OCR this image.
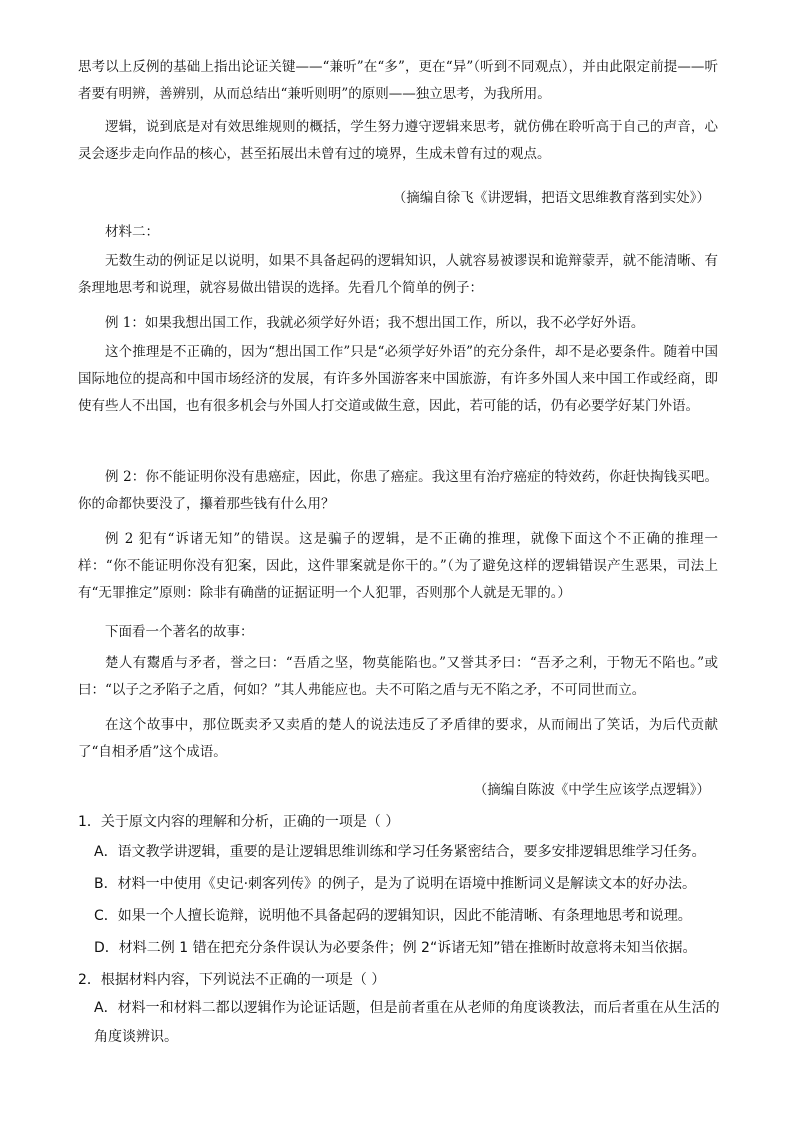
思考以上反例的基础上指出论证关键——“兼听”在“多”，更在“异”（听到不同观点），并由此限定前提——听者要有明辨，善辨别，从而总结出“兼听则明”的原则——独立思考，为我所用。

逻辑，说到底是对有效思维规则的概括，学生努力遵守逻辑来思考，就仿佛在聆听高于自己的声音，心灵会逐步走向作品的核心，甚至拓展出未曾有过的境界，生成未曾有过的观点。

（摘编自徐飞《讲逻辑，把语文思维教育落到实处》）

材料二：

无数生动的例证足以说明，如果不具备起码的逻辑知识，人就容易被谬误和诡辩蒙弄，就不能清晰、有条理地思考和说理，就容易做出错误的选择。先看几个简单的例子：

例 1：如果我想出国工作，我就必须学好外语；我不想出国工作，所以，我不必学好外语。

这个推理是不正确的，因为“想出国工作”只是“必须学好外语”的充分条件，却不是必要条件。随着中国国际地位的提高和中国市场经济的发展，有许多外国游客来中国旅游，有许多外国人来中国工作或经商，即使有些人不出国，也有很多机会与外国人打交道或做生意，因此，若可能的话，仍有必要学好某门外语。

例 2：你不能证明你没有患癌症，因此，你患了癌症。我这里有治疗癌症的特效药，你赶快掏钱买吧。你的命都快要没了，攥着那些钱有什么用？

例 2 犯有“诉诸无知”的错误。这是骗子的逻辑，是不正确的推理，就像下面这个不正确的推理一样：“你不能证明你没有犯案，因此，这件罪案就是你干的。”（为了避免这样的逻辑错误产生恶果，司法上有“无罪推定”原则：除非有确凿的证据证明一个人犯罪，否则那个人就是无罪的。）

下面看一个著名的故事：

楚人有鬻盾与矛者，誉之曰：“吾盾之坚，物莫能陷也。”又誉其矛曰：“吾矛之利，于物无不陷也。”或曰：“以子之矛陷子之盾，何如？”其人弗能应也。夫不可陷之盾与无不陷之矛，不可同世而立。

在这个故事中，那位既卖矛又卖盾的楚人的说法违反了矛盾律的要求，从而闹出了笑话，为后代贡献了“自相矛盾”这个成语。

（摘编自陈波《中学生应该学点逻辑》）

1．关于原文内容的理解和分析，正确的一项是（ ）

A．语文教学讲逻辑，重要的是让逻辑思维训练和学习任务紧密结合，要多安排逻辑思维学习任务。

B．材料一中使用《史记·刺客列传》的例子，是为了说明在语境中推断词义是解读文本的好办法。

C．如果一个人擅长诡辩，说明他不具备起码的逻辑知识，因此不能清晰、有条理地思考和说理。

D．材料二例 1 错在把充分条件误认为必要条件；例 2“诉诸无知”错在推断时故意将未知当依据。

2．根据材料内容，下列说法不正确的一项是（ ）

A．材料一和材料二都以逻辑作为论证话题，但是前者重在从老师的角度谈教法，而后者重在从生活的角度谈辨识。
